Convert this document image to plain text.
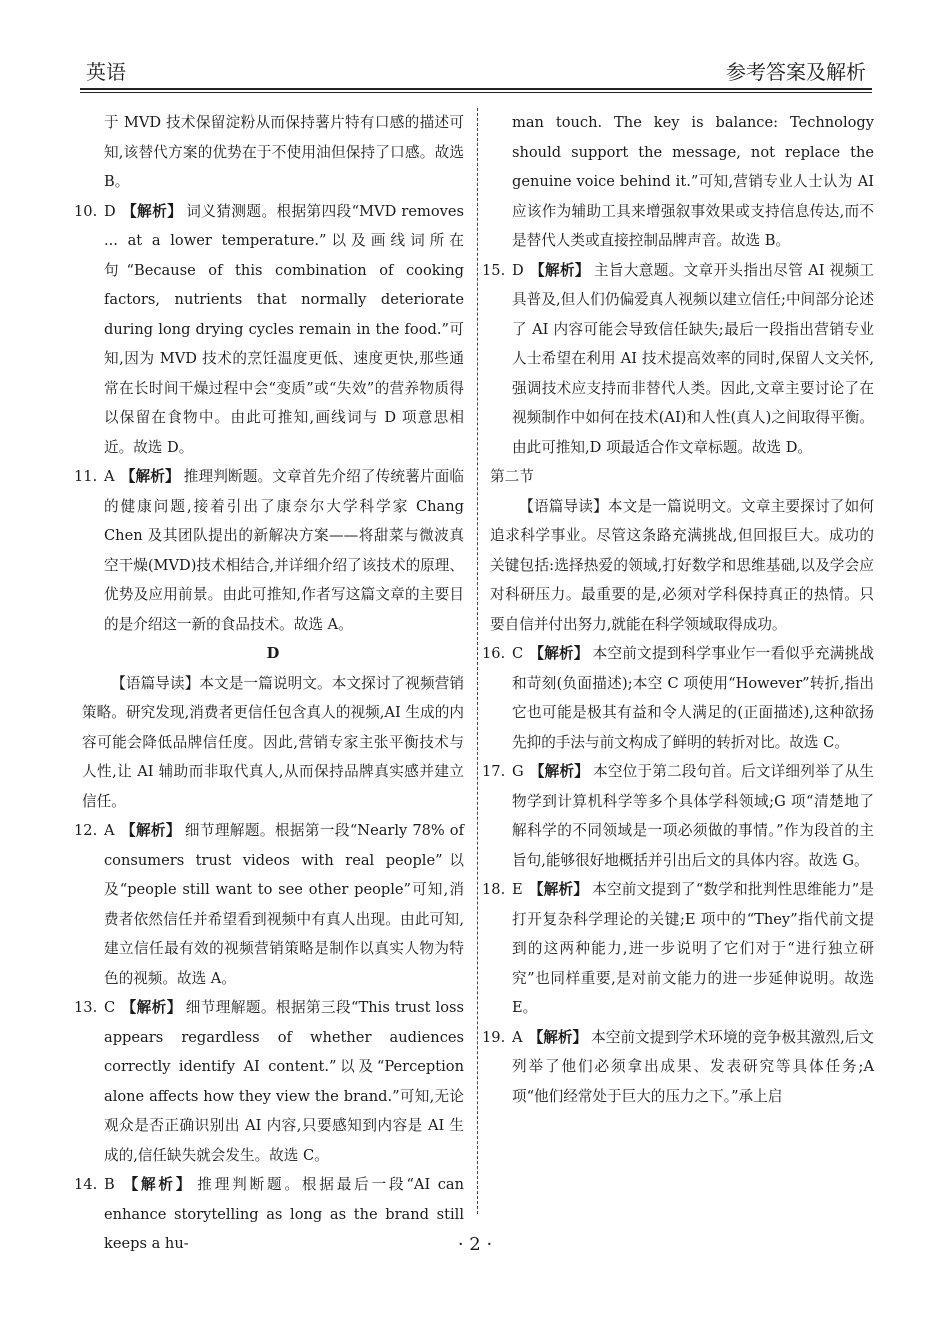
英语	参考答案及解析

于 MVD 技术保留淀粉从而保持薯片特有口感的描述可知,该替代方案的优势在于不使用油但保持了口感。故选 B。

10. D 【解析】 词义猜测题。根据第四段“MVD removes ... at a lower temperature.”以及画线词所在句“Because of this combination of cooking factors, nutrients that normally deteriorate during long drying cycles remain in the food.”可知,因为 MVD 技术的烹饪温度更低、速度更快,那些通常在长时间干燥过程中会“变质”或“失效”的营养物质得以保留在食物中。由此可推知,画线词与 D 项意思相近。故选 D。

11. A 【解析】 推理判断题。文章首先介绍了传统薯片面临的健康问题,接着引出了康奈尔大学科学家 Chang Chen 及其团队提出的新解决方案——将甜菜与微波真空干燥(MVD)技术相结合,并详细介绍了该技术的原理、优势及应用前景。由此可推知,作者写这篇文章的主要目的是介绍这一新的食品技术。故选 A。

D

【语篇导读】本文是一篇说明文。本文探讨了视频营销策略。研究发现,消费者更信任包含真人的视频,AI 生成的内容可能会降低品牌信任度。因此,营销专家主张平衡技术与人性,让 AI 辅助而非取代真人,从而保持品牌真实感并建立信任。

12. A 【解析】 细节理解题。根据第一段“Nearly 78% of consumers trust videos with real people”以及“people still want to see other people”可知,消费者依然信任并希望看到视频中有真人出现。由此可知,建立信任最有效的视频营销策略是制作以真实人物为特色的视频。故选 A。

13. C 【解析】 细节理解题。根据第三段“This trust loss appears regardless of whether audiences correctly identify AI content.”以及“Perception alone affects how they view the brand.”可知,无论观众是否正确识别出 AI 内容,只要感知到内容是 AI 生成的,信任缺失就会发生。故选 C。

14. B 【解析】 推理判断题。根据最后一段“AI can enhance storytelling as long as the brand still keeps a hu-

man touch. The key is balance: Technology should support the message, not replace the genuine voice behind it.”可知,营销专业人士认为 AI 应该作为辅助工具来增强叙事效果或支持信息传达,而不是替代人类或直接控制品牌声音。故选 B。

15. D 【解析】 主旨大意题。文章开头指出尽管 AI 视频工具普及,但人们仍偏爱真人视频以建立信任;中间部分论述了 AI 内容可能会导致信任缺失;最后一段指出营销专业人士希望在利用 AI 技术提高效率的同时,保留人文关怀,强调技术应支持而非替代人类。因此,文章主要讨论了在视频制作中如何在技术(AI)和人性(真人)之间取得平衡。由此可推知,D 项最适合作文章标题。故选 D。

第二节

【语篇导读】本文是一篇说明文。文章主要探讨了如何追求科学事业。尽管这条路充满挑战,但回报巨大。成功的关键包括:选择热爱的领域,打好数学和思维基础,以及学会应对科研压力。最重要的是,必须对学科保持真正的热情。只要自信并付出努力,就能在科学领域取得成功。

16. C 【解析】 本空前文提到科学事业乍一看似乎充满挑战和苛刻(负面描述);本空 C 项使用“However”转折,指出它也可能是极其有益和令人满足的(正面描述),这种欲扬先抑的手法与前文构成了鲜明的转折对比。故选 C。

17. G 【解析】 本空位于第二段句首。后文详细列举了从生物学到计算机科学等多个具体学科领域;G 项“清楚地了解科学的不同领域是一项必须做的事情。”作为段首的主旨句,能够很好地概括并引出后文的具体内容。故选 G。

18. E 【解析】 本空前文提到了“数学和批判性思维能力”是打开复杂科学理论的关键;E 项中的“They”指代前文提到的这两种能力,进一步说明了它们对于“进行独立研究”也同样重要,是对前文能力的进一步延伸说明。故选 E。

19. A 【解析】 本空前文提到学术环境的竞争极其激烈,后文列举了他们必须拿出成果、发表研究等具体任务;A 项“他们经常处于巨大的压力之下。”承上启

· 2 ·
